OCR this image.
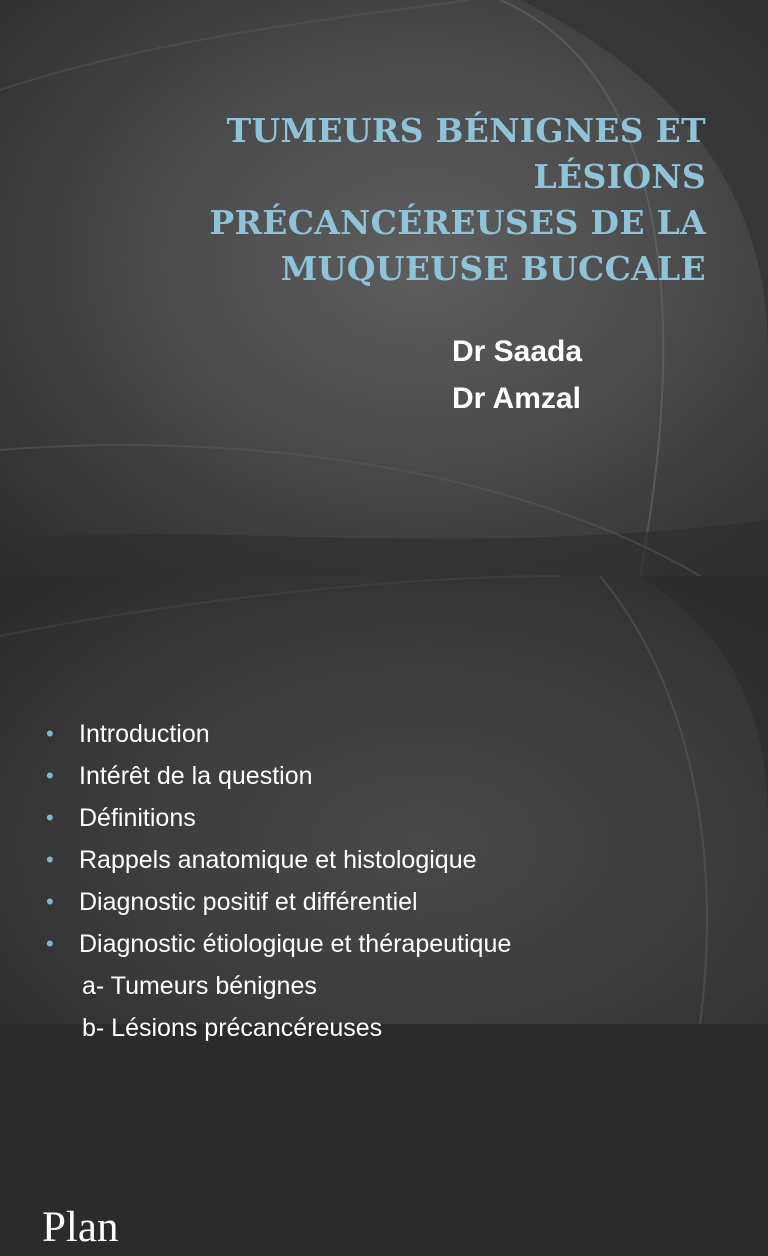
TUMEURS BÉNIGNES ET LÉSIONS
PRÉCANCÉREUSES DE LA
MUQUEUSE BUCCALE
Dr Saada
Dr Amzal
Plan
• Introduction
• Intérêt de la question
• Définitions
• Rappels anatomique et histologique
• Diagnostic positif et différentiel
• Diagnostic étiologique et thérapeutique
a- Tumeurs bénignes
b- Lésions précancéreuses
